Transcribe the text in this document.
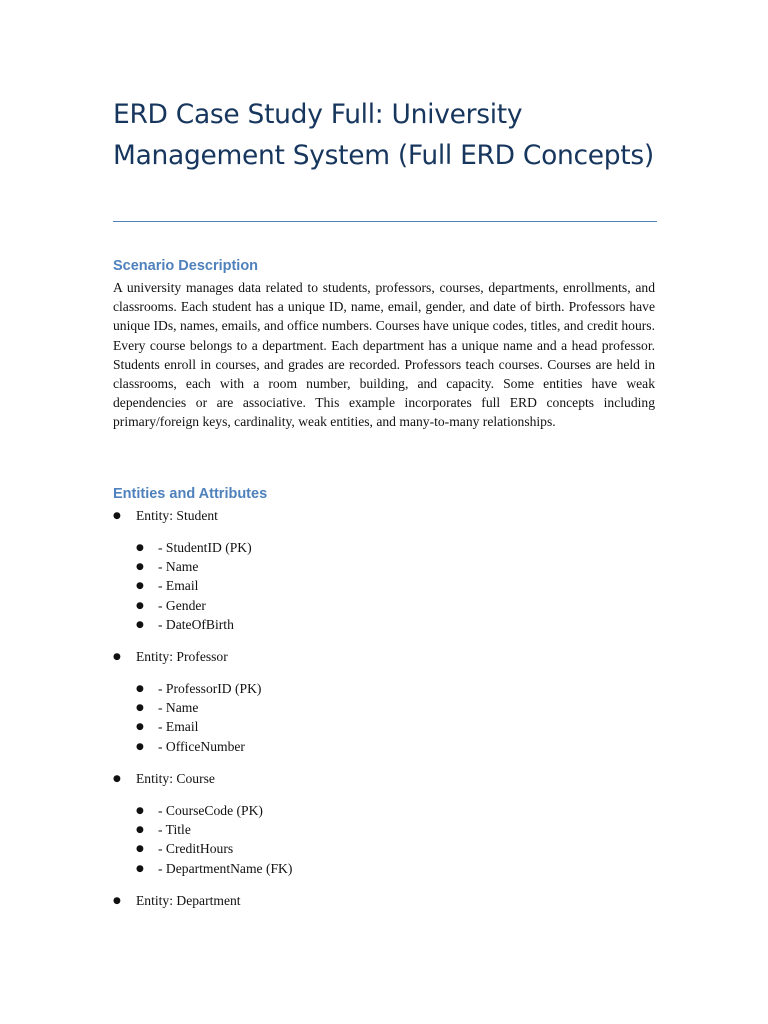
ERD Case Study Full: University Management System (Full ERD Concepts)
Scenario Description

A university manages data related to students, professors, courses, departments, enrollments, and classrooms. Each student has a unique ID, name, email, gender, and date of birth. Professors have unique IDs, names, emails, and office numbers. Courses have unique codes, titles, and credit hours. Every course belongs to a department. Each department has a unique name and a head professor. Students enroll in courses, and grades are recorded. Professors teach courses. Courses are held in classrooms, each with a room number, building, and capacity. Some entities have weak dependencies or are associative. This example incorporates full ERD concepts including primary/foreign keys, cardinality, weak entities, and many-to-many relationships.

Entities and Attributes
● Entity: Student
● - StudentID (PK)
● - Name
● - Email
● - Gender
● - DateOfBirth
● Entity: Professor
● - ProfessorID (PK)
● - Name
● - Email
● - OfficeNumber
● Entity: Course
● - CourseCode (PK)
● - Title
● - CreditHours
● - DepartmentName (FK)
● Entity: Department
